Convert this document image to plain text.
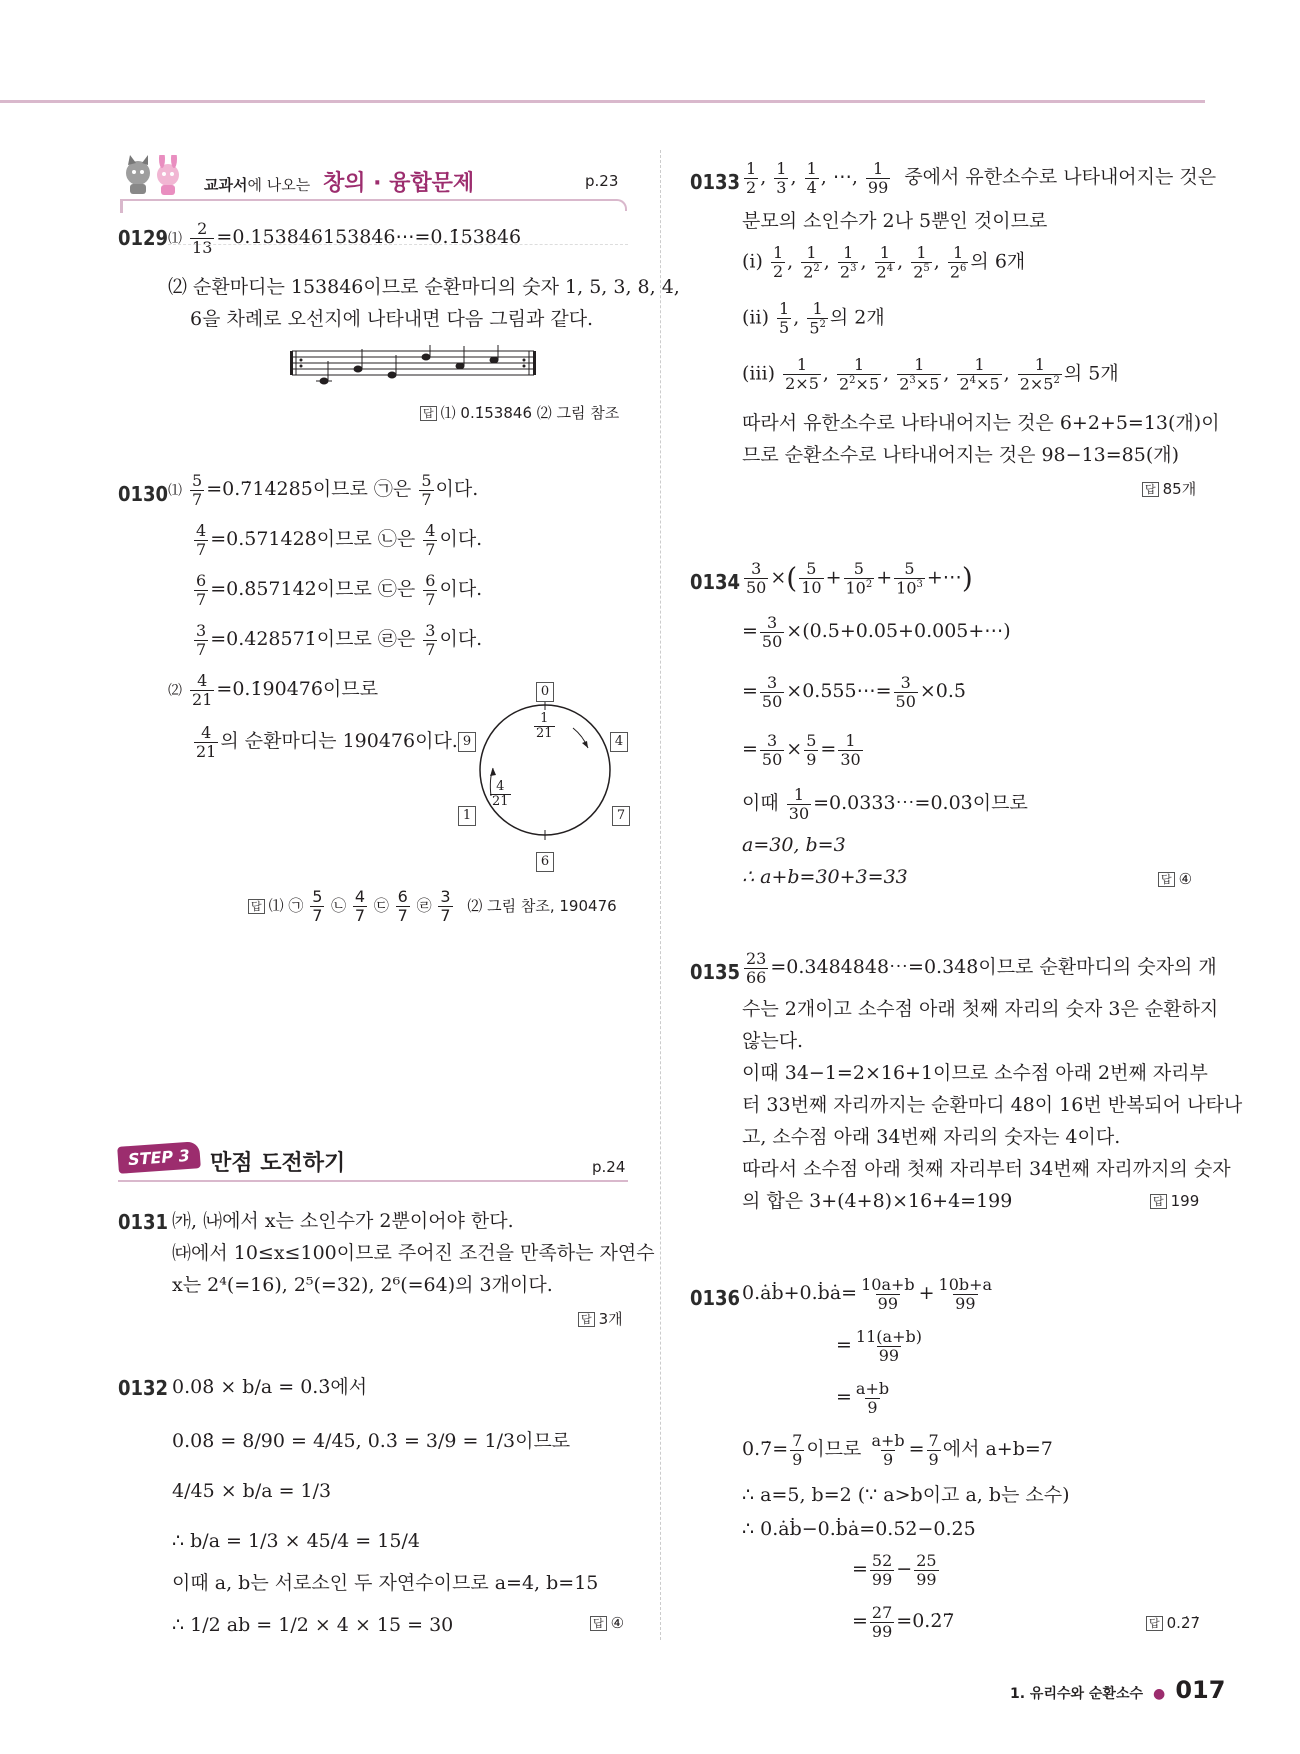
교과서에 나오는 창의 · 융합문제	p.23
0129 ⑴ $\frac{2}{13}$ =0.153846153846⋯=0.1̇53846̇
⑵ 순환마디는 153846이므로 순환마디의 숫자 1, 5, 3, 8, 4,
6을 차례로 오선지에 나타내면 다음 그림과 같다.
답 ⑴ 0.1̇53846̇ ⑵ 그림 참조
0130 ⑴ $\frac{5}{7}$ =0.7̇14285̇이므로 ㉠은 $\frac{5}{7}$ 이다.
$\frac{4}{7}$ =0.5̇71428̇이므로 ㉡은 $\frac{4}{7}$ 이다.
$\frac{6}{7}$ =0.8̇57142̇이므로 ㉢은 $\frac{6}{7}$ 이다.
$\frac{3}{7}$ =0.4̇28571̇이므로 ㉣은 $\frac{3}{7}$ 이다.
⑵ $\frac{4}{21}$ =0.1̇90476̇이므로
$\frac{4}{21}$ 의 순환마디는 190476이다.
0
4
7
6
1
9	$\frac{1}{21}$
$\frac{4}{21}$
답 ⑴ ㉠ $\frac{5}{7}$ ㉡ $\frac{4}{7}$ ㉢ $\frac{6}{7}$ ㉣ $\frac{3}{7}$ ⑵ 그림 참조, 190476
STEP 3 만점 도전하기	p.24
0131 ㈎, ㈏에서 x는 소인수가 2뿐이어야 한다.
㈐에서 10≤x≤100이므로 주어진 조건을 만족하는 자연수
x는 2⁴(=16), 2⁵(=32), 2⁶(=64)의 3개이다.
답 3개
0132 0.08̇ × b/a = 0.3̇에서
0.08̇ = 8/90 = 4/45, 0.3̇ = 3/9 = 1/3이므로
4/45 × b/a = 1/3
∴ b/a = 1/3 × 45/4 = 15/4
이때 a, b는 서로소인 두 자연수이므로 a=4, b=15
∴ 1/2 ab = 1/2 × 4 × 15 = 30	답 ④
$0133 \frac{1}{2}$ , $\frac{1}{3}$ , $\frac{1}{4}$ , ⋯, $\frac{1}{99}$ 중에서 유한소수로 나타내어지는 것은
분모의 소인수가 2나 5뿐인 것이므로
(ⅰ) $\frac{1}{2}$ , $\frac{1}{2^2}$ , $\frac{1}{2^3}$ , $\frac{1}{2^4}$ , $\frac{1}{2^5}$ , $\frac{1}{2^6}$ 의 6개
(ⅱ) $\frac{1}{5}$ , $\frac{1}{5^2}$ 의 2개
(ⅲ) $\frac{1}{2\times 5}$ , $\frac{1}{2^2\times 5}$ , $\frac{1}{2^3\times 5}$ , $\frac{1}{2^4\times 5}$ , $\frac{1}{2\times 5^2}$ 의 5개
따라서 유한소수로 나타내어지는 것은 6+2+5=13(개)이
므로 순환소수로 나타내어지는 것은 98−13=85(개)
답 85개
$0134 \frac{3}{50}$ ×( $\frac{5}{10} + \frac{5}{10^2} + \frac{5}{10^3}$ +⋯)
= $\frac{3}{50}$ ×(0.5+0.05+0.005+⋯)
= $\frac{3}{50}$ ×0.555⋯= $\frac{3}{50}$ ×0.5̇
= $\frac{3}{50} \times \frac{5}{9} = \frac{1}{30}$
이때 $\frac{1}{30}$ =0.0333⋯=0.03̇이므로
a=30, b=3
∴ a+b=30+3=33	답 ④
$0135 \frac{23}{66}$ =0.3484848⋯=0.34̇8̇이므로 순환마디의 숫자의 개
수는 2개이고 소수점 아래 첫째 자리의 숫자 3은 순환하지
않는다.
이때 34−1=2×16+1이므로 소수점 아래 2번째 자리부
터 33번째 자리까지는 순환마디 48이 16번 반복되어 나타나
고, 소수점 아래 34번째 자리의 숫자는 4이다.
따라서 소수점 아래 첫째 자리부터 34번째 자리까지의 숫자
의 합은 3+(4+8)×16+4=199	답 199
0136 0.ȧḃ+0.ḃȧ= $\frac{10a+b}{99} + \frac{10b+a}{99}$
= $\frac{11(a+b)}{99}$
= $\frac{a+b}{9}$
0.7̇= $\frac{7}{9}$ 이므로 $\frac{a+b}{9} = \frac{7}{9}$ 에서 a+b=7
∴ a=5, b=2 (∵ a>b이고 a, b는 소수)
∴ 0.ȧḃ−0.ḃȧ=0.5̇2̇−0.2̇5̇
= $\frac{52}{99} - \frac{25}{99}$
= $\frac{27}{99}$ =0.2̇7̇	답 0.2̇7̇
1. 유리수와 순환소수 ● 017
